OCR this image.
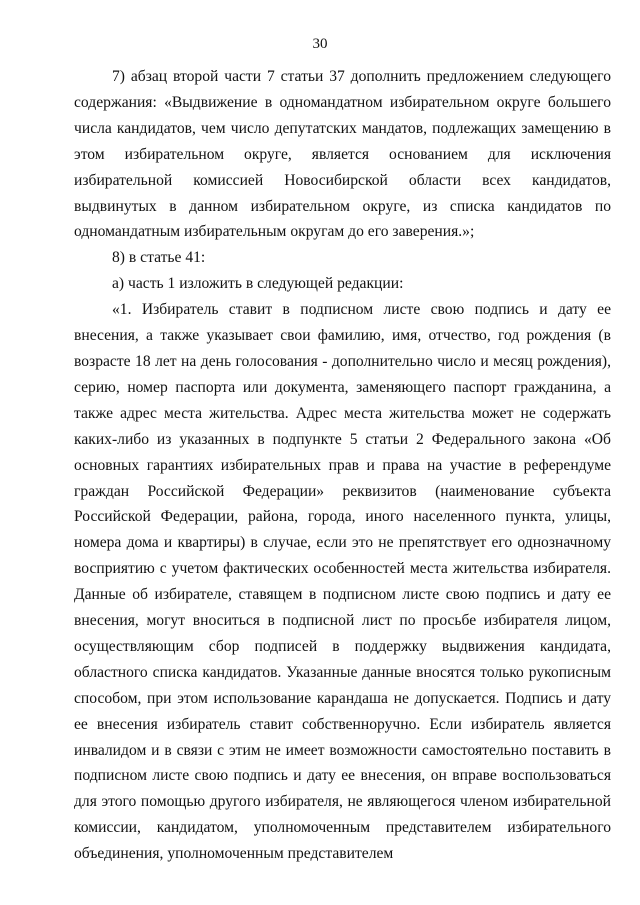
30

7) абзац второй части 7 статьи 37 дополнить предложением следующего содержания: «Выдвижение в одномандатном избирательном округе большего числа кандидатов, чем число депутатских мандатов, подлежащих замещению в этом избирательном округе, является основанием для исключения избирательной комиссией Новосибирской области всех кандидатов, выдвинутых в данном избирательном округе, из списка кандидатов по одномандатным избирательным округам до его заверения.»;

8) в статье 41:

а) часть 1 изложить в следующей редакции:

«1. Избиратель ставит в подписном листе свою подпись и дату ее внесения, а также указывает свои фамилию, имя, отчество, год рождения (в возрасте 18 лет на день голосования - дополнительно число и месяц рождения), серию, номер паспорта или документа, заменяющего паспорт гражданина, а также адрес места жительства. Адрес места жительства может не содержать каких-либо из указанных в подпункте 5 статьи 2 Федерального закона «Об основных гарантиях избирательных прав и права на участие в референдуме граждан Российской Федерации» реквизитов (наименование субъекта Российской Федерации, района, города, иного населенного пункта, улицы, номера дома и квартиры) в случае, если это не препятствует его однозначному восприятию с учетом фактических особенностей места жительства избирателя. Данные об избирателе, ставящем в подписном листе свою подпись и дату ее внесения, могут вноситься в подписной лист по просьбе избирателя лицом, осуществляющим сбор подписей в поддержку выдвижения кандидата, областного списка кандидатов. Указанные данные вносятся только рукописным способом, при этом использование карандаша не допускается. Подпись и дату ее внесения избиратель ставит собственноручно. Если избиратель является инвалидом и в связи с этим не имеет возможности самостоятельно поставить в подписном листе свою подпись и дату ее внесения, он вправе воспользоваться для этого помощью другого избирателя, не являющегося членом избирательной комиссии, кандидатом, уполномоченным представителем избирательного объединения, уполномоченным представителем
